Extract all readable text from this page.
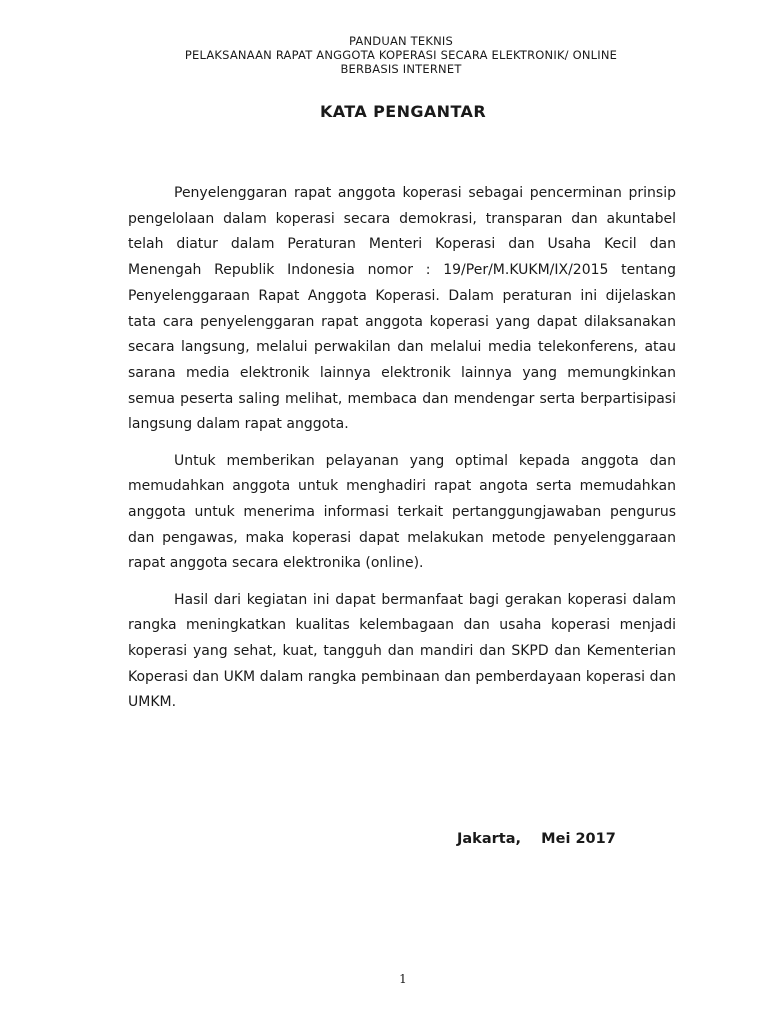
PANDUAN TEKNIS
PELAKSANAAN RAPAT ANGGOTA KOPERASI SECARA ELEKTRONIK/ ONLINE
BERBASIS INTERNET
KATA PENGANTAR

Penyelenggaran rapat anggota koperasi sebagai pencerminan prinsip pengelolaan dalam koperasi secara demokrasi, transparan dan akuntabel telah diatur dalam Peraturan Menteri Koperasi dan Usaha Kecil dan Menengah Republik Indonesia nomor : 19/Per/M.KUKM/IX/2015 tentang Penyelenggaraan Rapat Anggota Koperasi. Dalam peraturan ini dijelaskan tata cara penyelenggaran rapat anggota koperasi yang dapat dilaksanakan secara langsung, melalui perwakilan dan melalui media telekonferens, atau sarana media elektronik lainnya elektronik lainnya yang memungkinkan semua peserta saling melihat, membaca dan mendengar serta berpartisipasi langsung dalam rapat anggota.

Untuk memberikan pelayanan yang optimal kepada anggota dan memudahkan anggota untuk menghadiri rapat angota serta memudahkan anggota untuk menerima informasi terkait pertanggungjawaban pengurus dan pengawas, maka koperasi dapat melakukan metode penyelenggaraan rapat anggota secara elektronika (online).

Hasil dari kegiatan ini dapat bermanfaat bagi gerakan koperasi dalam rangka meningkatkan kualitas kelembagaan dan usaha koperasi menjadi koperasi yang sehat, kuat, tangguh dan mandiri dan SKPD dan Kementerian Koperasi dan UKM dalam rangka pembinaan dan pemberdayaan koperasi dan UMKM.

Jakarta,    Mei 2017
1
